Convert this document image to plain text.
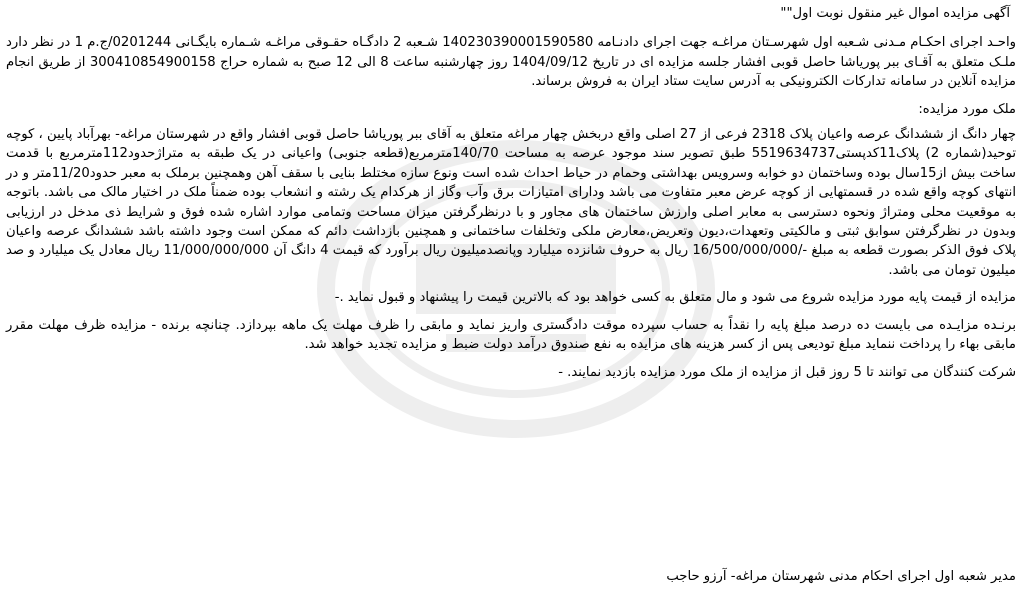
آگهی مزایده اموال غیر منقول نوبت اول""
واحـد اجرای احکـام مـدنی شـعبه اول شهرسـتان مراغـه جهت اجرای دادنـامه 140230390001590580 شـعبه 2 دادگـاه حقـوقی مراغـه شـماره بایگـانی 0201244/ج.م 1 در نظر دارد ملـک متعلق به آقـای ببر پوریاشا حاصل قوبی افشار جلسه مزایده ای در تاریخ 1404/09/12 روز چهارشنبه ساعت 8 الی 12 صبح به شماره حراج 300410854900158 از طریق انجام مزایده آنلاین در سامانه تدارکات الکترونیکی به آدرس سایت ستاد ایران به فروش برساند.
ملک مورد مزایده:
چهار دانگ از ششدانگ عرصه واعیان پلاک 2318 فرعی از 27 اصلی واقع دربخش چهار مراغه متعلق به آقای ببر پوریاشا حاصل قوبی افشار واقع در شهرستان مراغه- بهرآباد پایین ، کوچه توحید(شماره 2) پلاک11کدپستی5519634737 طبق تصویر سند موجود عرصه به مساحت 140/70مترمربع(قطعه جنوبی) واعیانی در یک طبقه به متراژحدود112مترمربع با قدمت ساخت بیش از15سال بوده وساختمان دو خوابه وسرویس بهداشتی وحمام در حیاط احداث شده است ونوع سازه مختلط بنایی با سقف آهن وهمچنین برملک به معبر حدود11/20متر و در انتهای کوچه واقع شده در قسمتهایی از کوچه عرض معبر متفاوت می باشد ودارای امتیازات برق وآب وگاز از هرکدام یک رشته و انشعاب بوده ضمناً ملک در اختیار مالک می باشد. باتوجه به موقعیت محلی ومتراژ ونحوه دسترسی به معابر اصلی وارزش ساختمان های مجاور و با درنظرگرفتن میزان مساحت وتمامی موارد اشاره شده فوق و شرایط ذی مدخل در ارزیابی وبدون در نظرگرفتن سوابق ثبتی و مالکیتی وتعهدات،دیون وتعریض،معارض ملکی وتخلفات ساختمانی و همچنین بازداشت دائم که ممکن است وجود داشته باشد ششدانگ عرصه واعیان پلاک فوق الذکر بصورت قطعه به مبلغ -/16/500/000/000 ریال به حروف شانزده میلیارد وپانصدمیلیون ریال برآورد که قیمت 4 دانگ آن 11/000/000/000 ریال معادل یک میلیارد و صد میلیون تومان می باشد.
مزایده از قیمت پایه مورد مزایده شروع می شود و مال متعلق به کسی خواهد بود که بالاترین قیمت را پیشنهاد و قبول نماید .-
برنـده مزایـده می بایست ده درصد مبلغ پایه را نقداً به حساب سپرده موقت دادگستری واریز نماید و مابقی را ظرف مهلت یک ماهه بپردازد. چنانچه برنده - مزایده ظرف مهلت مقرر مابقی بهاء را پرداخت ننماید مبلغ تودیعی پس از کسر هزینه های مزایده به نفع صندوق درآمد دولت ضبط و مزایده تجدید خواهد شد.
شرکت کنندگان می توانند تا 5 روز قبل از مزایده از ملک مورد مزایده بازدید نمایند. -
مدیر شعبه اول اجرای احکام مدنی شهرستان مراغه- آرزو حاجب
